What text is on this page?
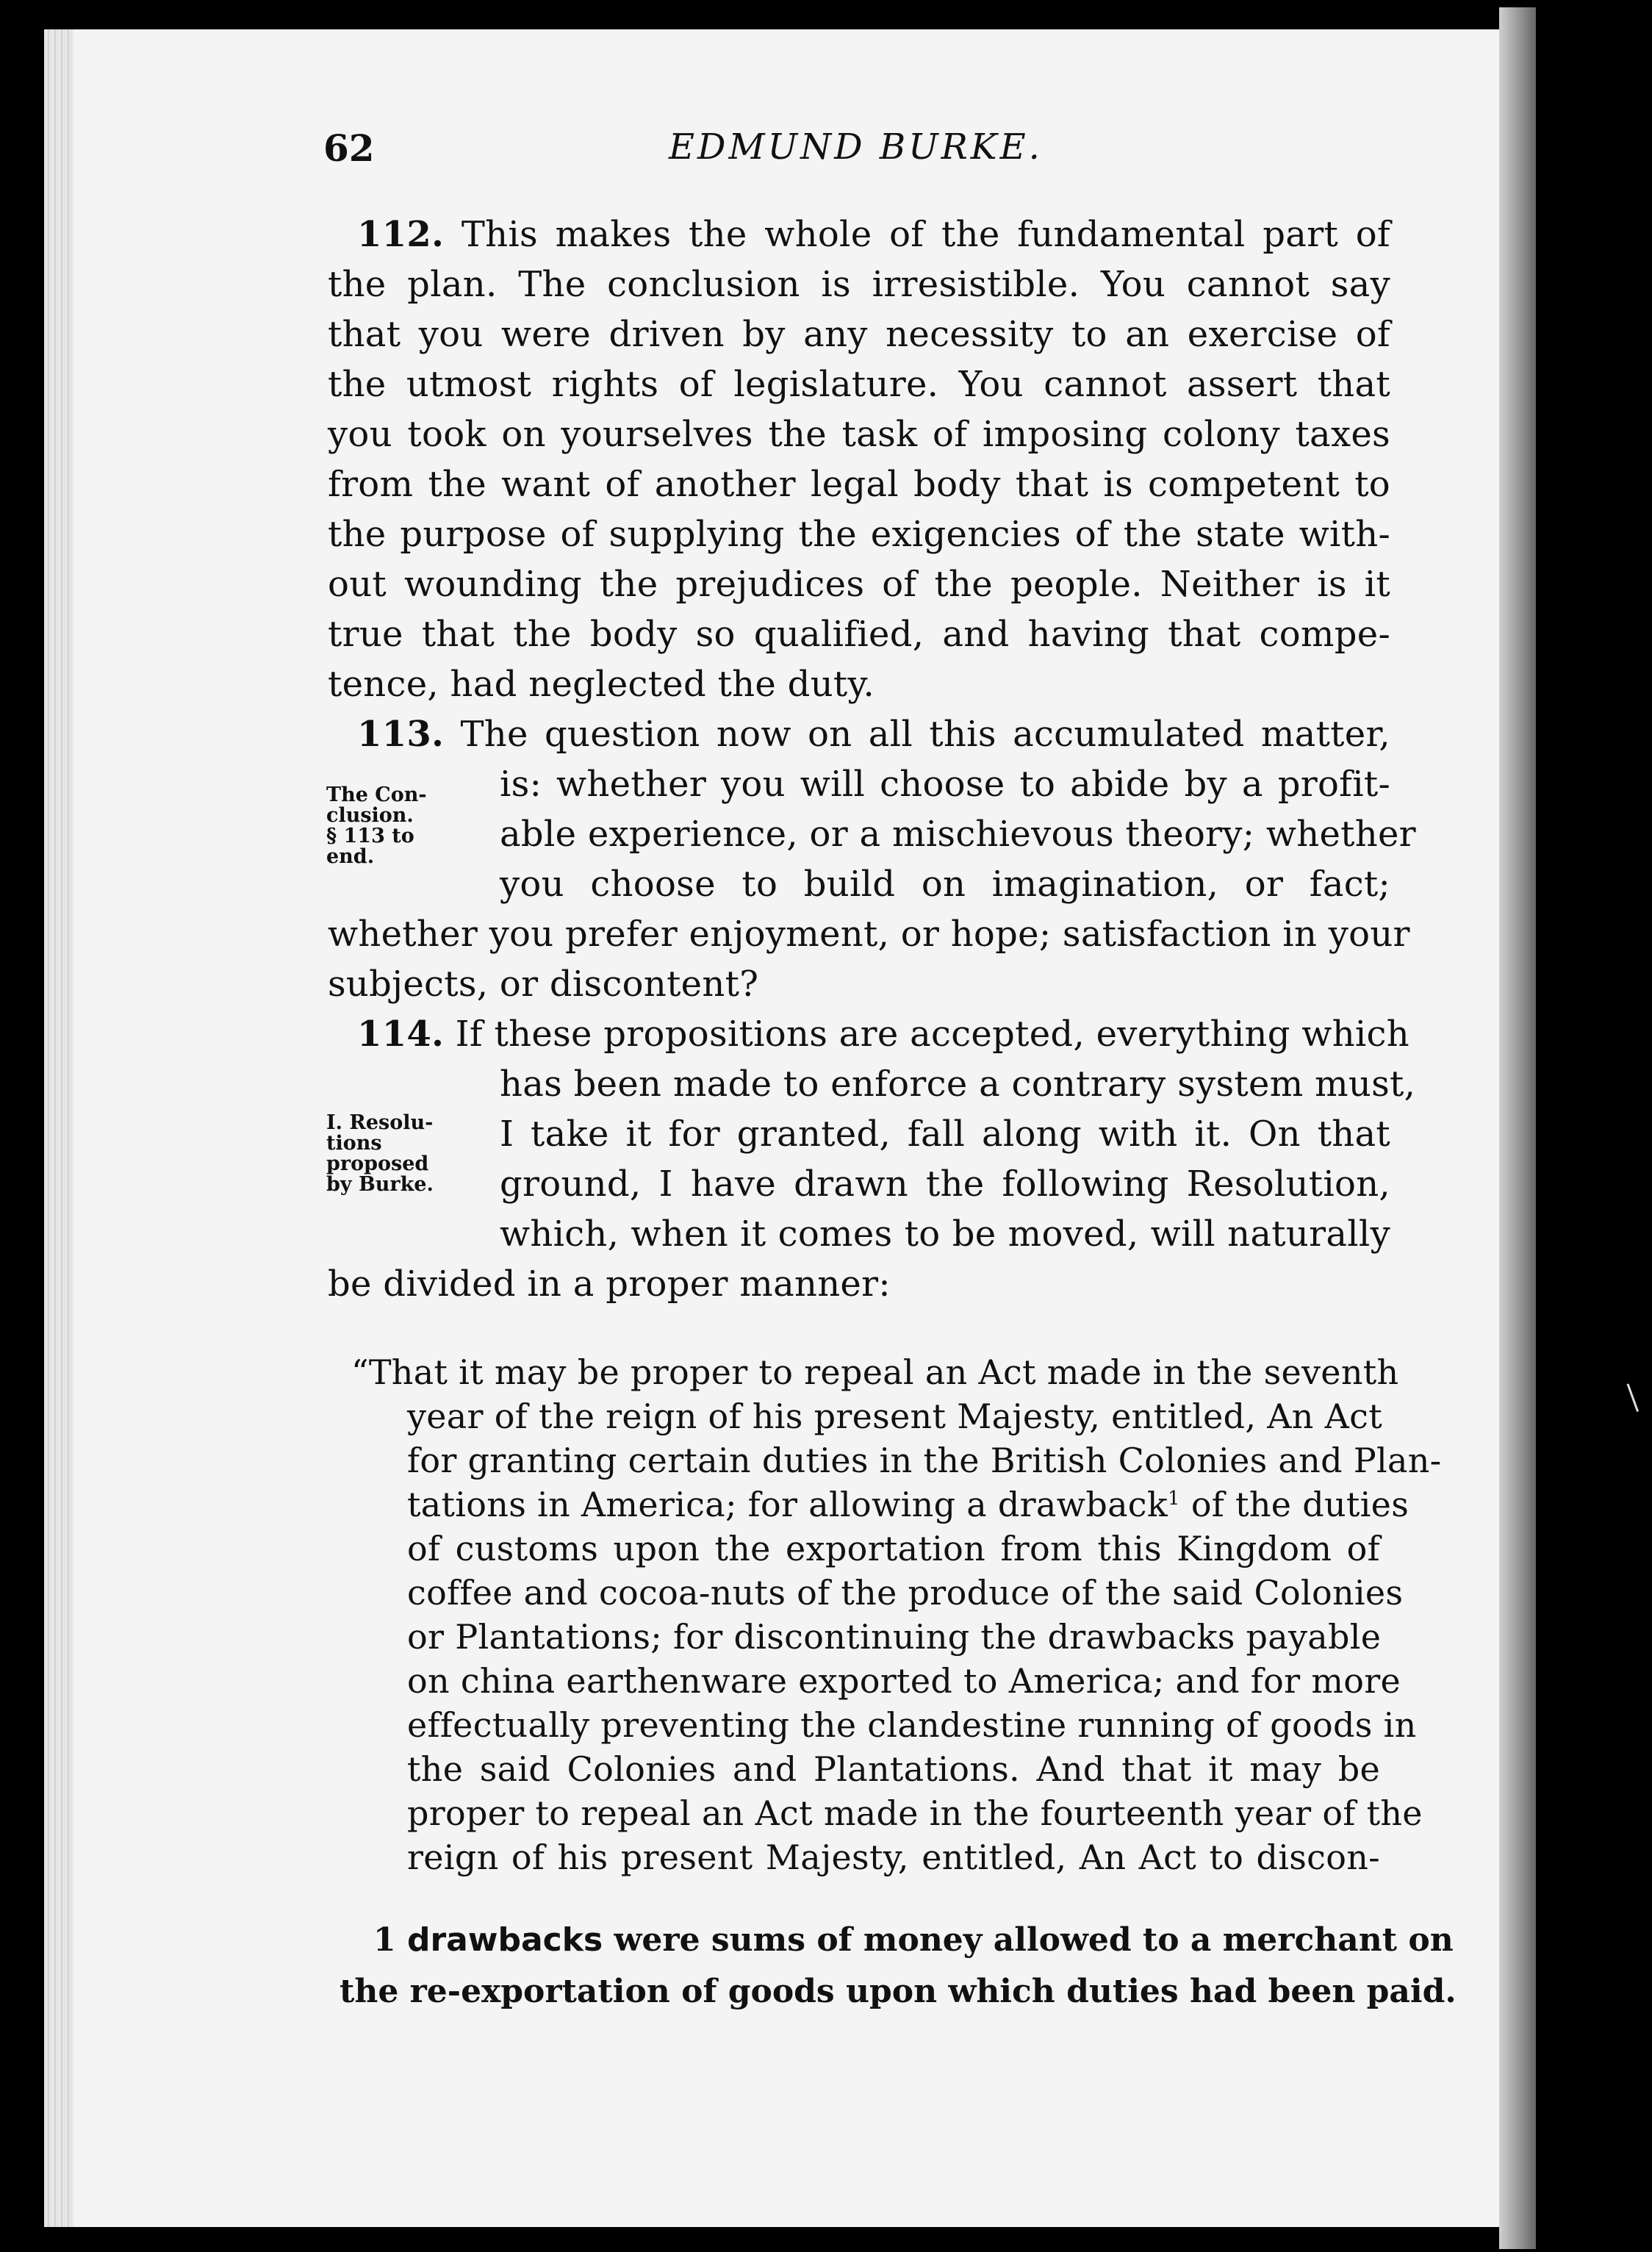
62	EDMUND BURKE.
112. This makes the whole of the fundamental part of
the plan. The conclusion is irresistible. You cannot say
that you were driven by any necessity to an exercise of
the utmost rights of legislature. You cannot assert that
you took on yourselves the task of imposing colony taxes
from the want of another legal body that is competent to
the purpose of supplying the exigencies of the state with-
out wounding the prejudices of the people. Neither is it
true that the body so qualified, and having that compe-
tence, had neglected the duty.
113. The question now on all this accumulated matter,
The Con-
clusion.
§ 113 to
end.
is: whether you will choose to abide by a profit-
able experience, or a mischievous theory; whether
you choose to build on imagination, or fact;
whether you prefer enjoyment, or hope; satisfaction in your
subjects, or discontent?
114. If these propositions are accepted, everything which
has been made to enforce a contrary system must,
I. Resolu-
tions
proposed
by Burke.
I take it for granted, fall along with it. On that
ground, I have drawn the following Resolution,
which, when it comes to be moved, will naturally
be divided in a proper manner:
“That it may be proper to repeal an Act made in the seventh
year of the reign of his present Majesty, entitled, An Act
for granting certain duties in the British Colonies and Plan-
tations in America; for allowing a drawback$^1$ of the duties
of customs upon the exportation from this Kingdom of
coffee and cocoa-nuts of the produce of the said Colonies
or Plantations; for discontinuing the drawbacks payable
on china earthenware exported to America; and for more
effectually preventing the clandestine running of goods in
the said Colonies and Plantations. And that it may be
proper to repeal an Act made in the fourteenth year of the
reign of his present Majesty, entitled, An Act to discon-
1 drawbacks were sums of money allowed to a merchant on
the re-exportation of goods upon which duties had been paid.
